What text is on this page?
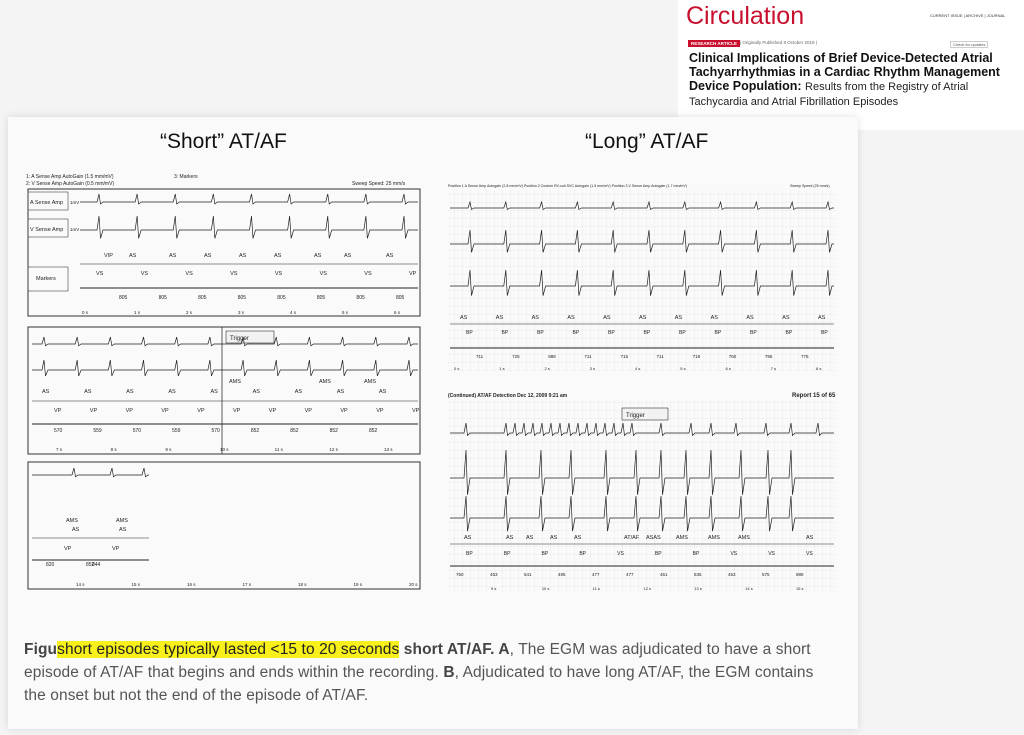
Circulation	CURRENT ISSUE | ARCHIVE | JOURNAL
RESEARCH ARTICLE | Originally Published 8 October 2018 |	Check for updates
Clinical Implications of Brief Device-Detected Atrial Tachyarrhythmias in a Cardiac Rhythm Management Device Population: Results from the Registry of Atrial Tachycardia and Atrial Fibrillation Episodes
“Short” AT/AF	“Long” AT/AF
1: A Sense Amp AutoGain (1.5 mm/mV)
2: V Sense Amp AutoGain (0.5 mm/mV)
3: Markers
Sweep Speed: 25 mm/s
A Sense Amp
V Sense Amp
Markers
1mV
1mV
VIP	AS	AS	AS	AS	AS	AS	AS	AS
VS	VS	VS	VS	VS	VS	VS	VP
805	805	805	805	805	805	805	805
0 s	1 s	2 s	3 s	4 s	5 s	6 s
Trigger
AMS	AMS	AMS
AS	AS	AS	AS	AS	AS	AS	AS	AS
VP	VP	VP	VP	VP	VP	VP	VP	VP	VP	VP
570	559	570	559	570	852	852	852	852
7 s	8 s	9 s	10 s	11 s	12 s	13 s
AMS	AMS
AS	AS
VP	VP
820	844
852
14 s	15 s	16 s	17 s	18 s	19 s	20 s
Position 1 A Sense Amp Autogain (2.8 mm/mV) Position 2 Custom RV-coil-SVC Autogain (1.5 mm/mV) Position 3 V Sense Amp Autogain (1.7 mm/mV)	Sweep Speed (25 mm/s)
AS	AS	AS	AS	AS	AS	AS	AS	AS	AS	AS
BP	BP	BP	BP	BP	BP	BP	BP	BP	BP	BP
711	725	888	711	715	711	718	760	795	775
0 s	1 s	2 s	3 s	4 s	5 s	6 s	7 s	8 s
(Continued) AT/AF Detection Dec 12, 2009 9:21 am	Report 15 of 65
Trigger
AS	AS AS	AS	AS	AT/AF ASAS	AMS	AMS	AMS	AS
BP	BP	BP	BP	VS	BP	BP	VS	VS	VS
750	453	541	495	477	477	461	535	453	575	888
9 s	10 s	11 s	12 s	13 s	14 s	15 s
Figushort episodes typically lasted <15 to 20 seconds short AT/AF. A, The EGM was adjudicated to have a short episode of AT/AF that begins and ends within the recording. B, Adjudicated to have long AT/AF, the EGM contains the onset but not the end of the episode of AT/AF.
